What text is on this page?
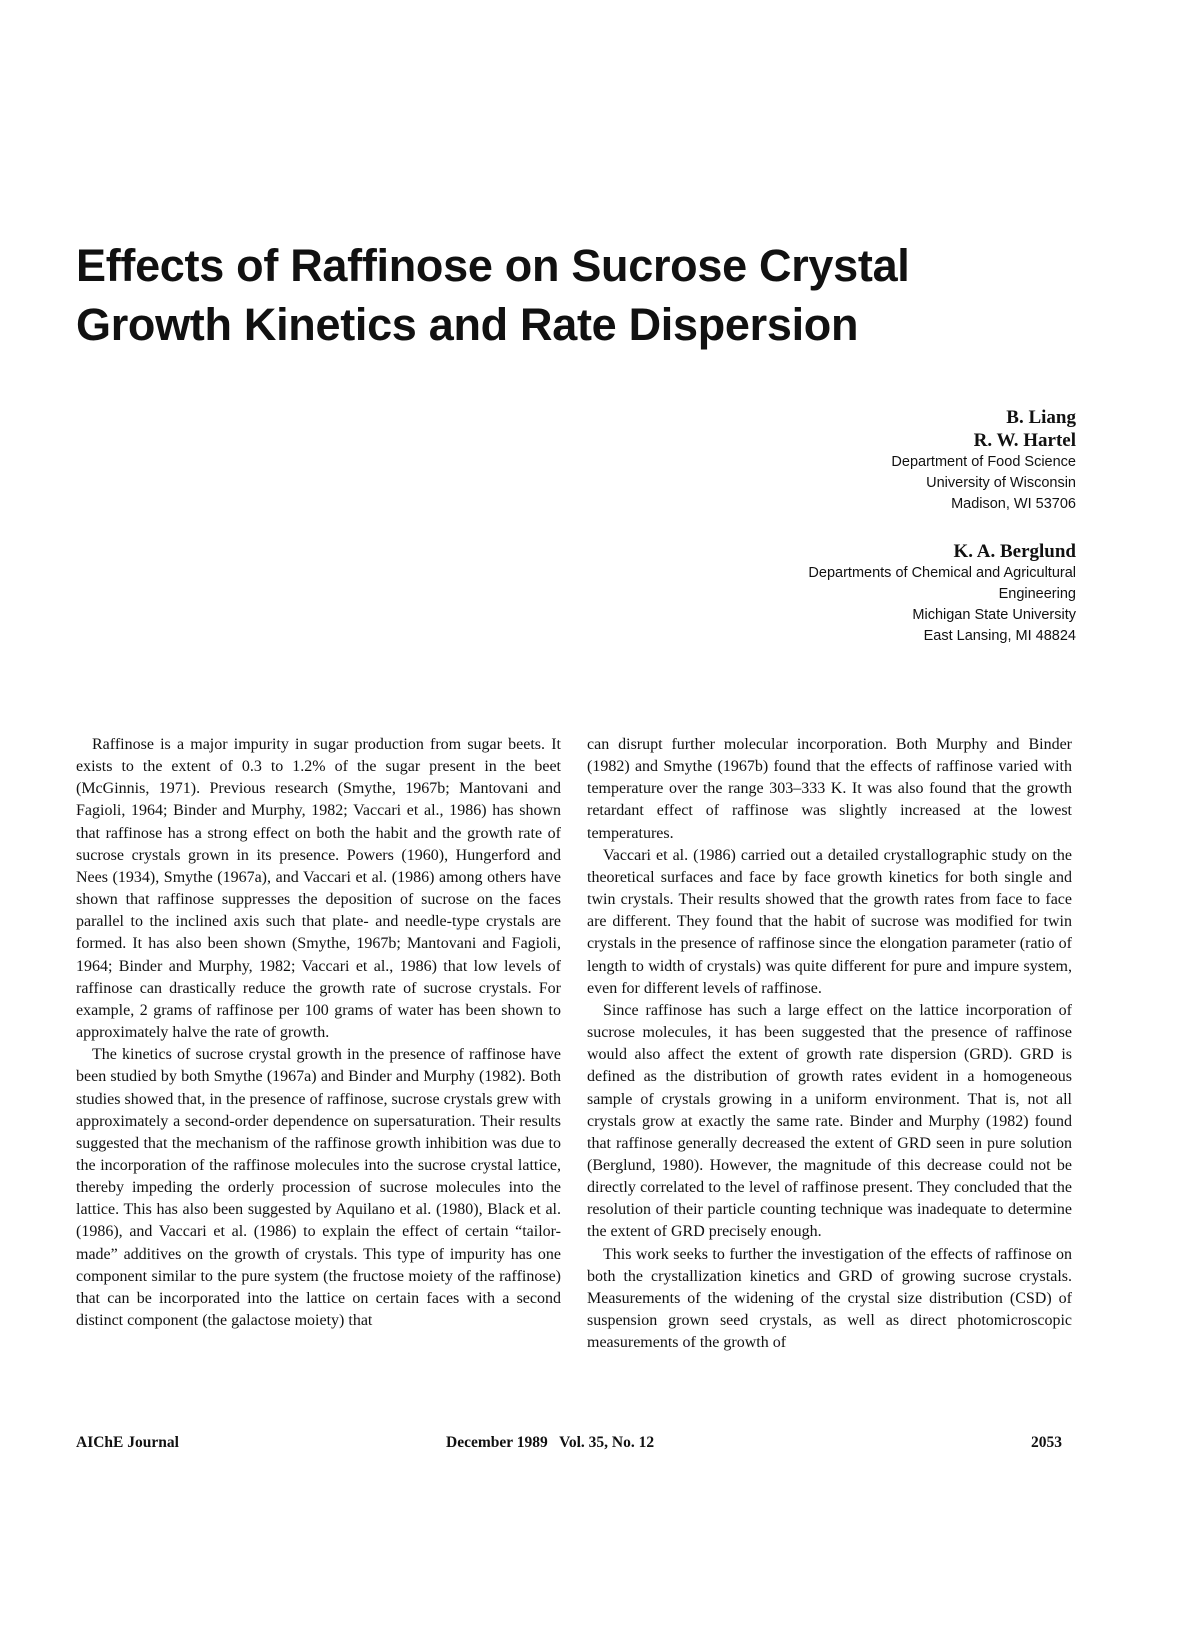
Effects of Raffinose on Sucrose Crystal
Growth Kinetics and Rate Dispersion
B. Liang
R. W. Hartel
Department of Food Science
University of Wisconsin
Madison, WI 53706
K. A. Berglund
Departments of Chemical and Agricultural
Engineering
Michigan State University
East Lansing, MI 48824

Raffinose is a major impurity in sugar production from sugar beets. It exists to the extent of 0.3 to 1.2% of the sugar present in the beet (McGinnis, 1971). Previous research (Smythe, 1967b; Mantovani and Fagioli, 1964; Binder and Murphy, 1982; Vaccari et al., 1986) has shown that raffinose has a strong effect on both the habit and the growth rate of sucrose crystals grown in its presence. Powers (1960), Hungerford and Nees (1934), Smythe (1967a), and Vaccari et al. (1986) among others have shown that raffinose suppresses the deposition of sucrose on the faces parallel to the inclined axis such that plate- and needle-type crystals are formed. It has also been shown (Smythe, 1967b; Mantovani and Fagioli, 1964; Binder and Murphy, 1982; Vaccari et al., 1986) that low levels of raffinose can drastically reduce the growth rate of sucrose crystals. For example, 2 grams of raffinose per 100 grams of water has been shown to approximately halve the rate of growth.

The kinetics of sucrose crystal growth in the presence of raffinose have been studied by both Smythe (1967a) and Binder and Murphy (1982). Both studies showed that, in the presence of raffinose, sucrose crystals grew with approximately a second-order dependence on supersaturation. Their results suggested that the mechanism of the raffinose growth inhibition was due to the incorporation of the raffinose molecules into the sucrose crystal lattice, thereby impeding the orderly procession of sucrose molecules into the lattice. This has also been suggested by Aquilano et al. (1980), Black et al. (1986), and Vaccari et al. (1986) to explain the effect of certain “tailor-made” additives on the growth of crystals. This type of impurity has one component similar to the pure system (the fructose moiety of the raffinose) that can be incorporated into the lattice on certain faces with a second distinct component (the galactose moiety) that

can disrupt further molecular incorporation. Both Murphy and Binder (1982) and Smythe (1967b) found that the effects of raffinose varied with temperature over the range 303–333 K. It was also found that the growth retardant effect of raffinose was slightly increased at the lowest temperatures.

Vaccari et al. (1986) carried out a detailed crystallographic study on the theoretical surfaces and face by face growth kinetics for both single and twin crystals. Their results showed that the growth rates from face to face are different. They found that the habit of sucrose was modified for twin crystals in the presence of raffinose since the elongation parameter (ratio of length to width of crystals) was quite different for pure and impure system, even for different levels of raffinose.

Since raffinose has such a large effect on the lattice incorporation of sucrose molecules, it has been suggested that the presence of raffinose would also affect the extent of growth rate dispersion (GRD). GRD is defined as the distribution of growth rates evident in a homogeneous sample of crystals growing in a uniform environment. That is, not all crystals grow at exactly the same rate. Binder and Murphy (1982) found that raffinose generally decreased the extent of GRD seen in pure solution (Berglund, 1980). However, the magnitude of this decrease could not be directly correlated to the level of raffinose present. They concluded that the resolution of their particle counting technique was inadequate to determine the extent of GRD precisely enough.

This work seeks to further the investigation of the effects of raffinose on both the crystallization kinetics and GRD of growing sucrose crystals. Measurements of the widening of the crystal size distribution (CSD) of suspension grown seed crystals, as well as direct photomicroscopic measurements of the growth of

AIChE Journal	December 1989   Vol. 35, No. 12	2053
